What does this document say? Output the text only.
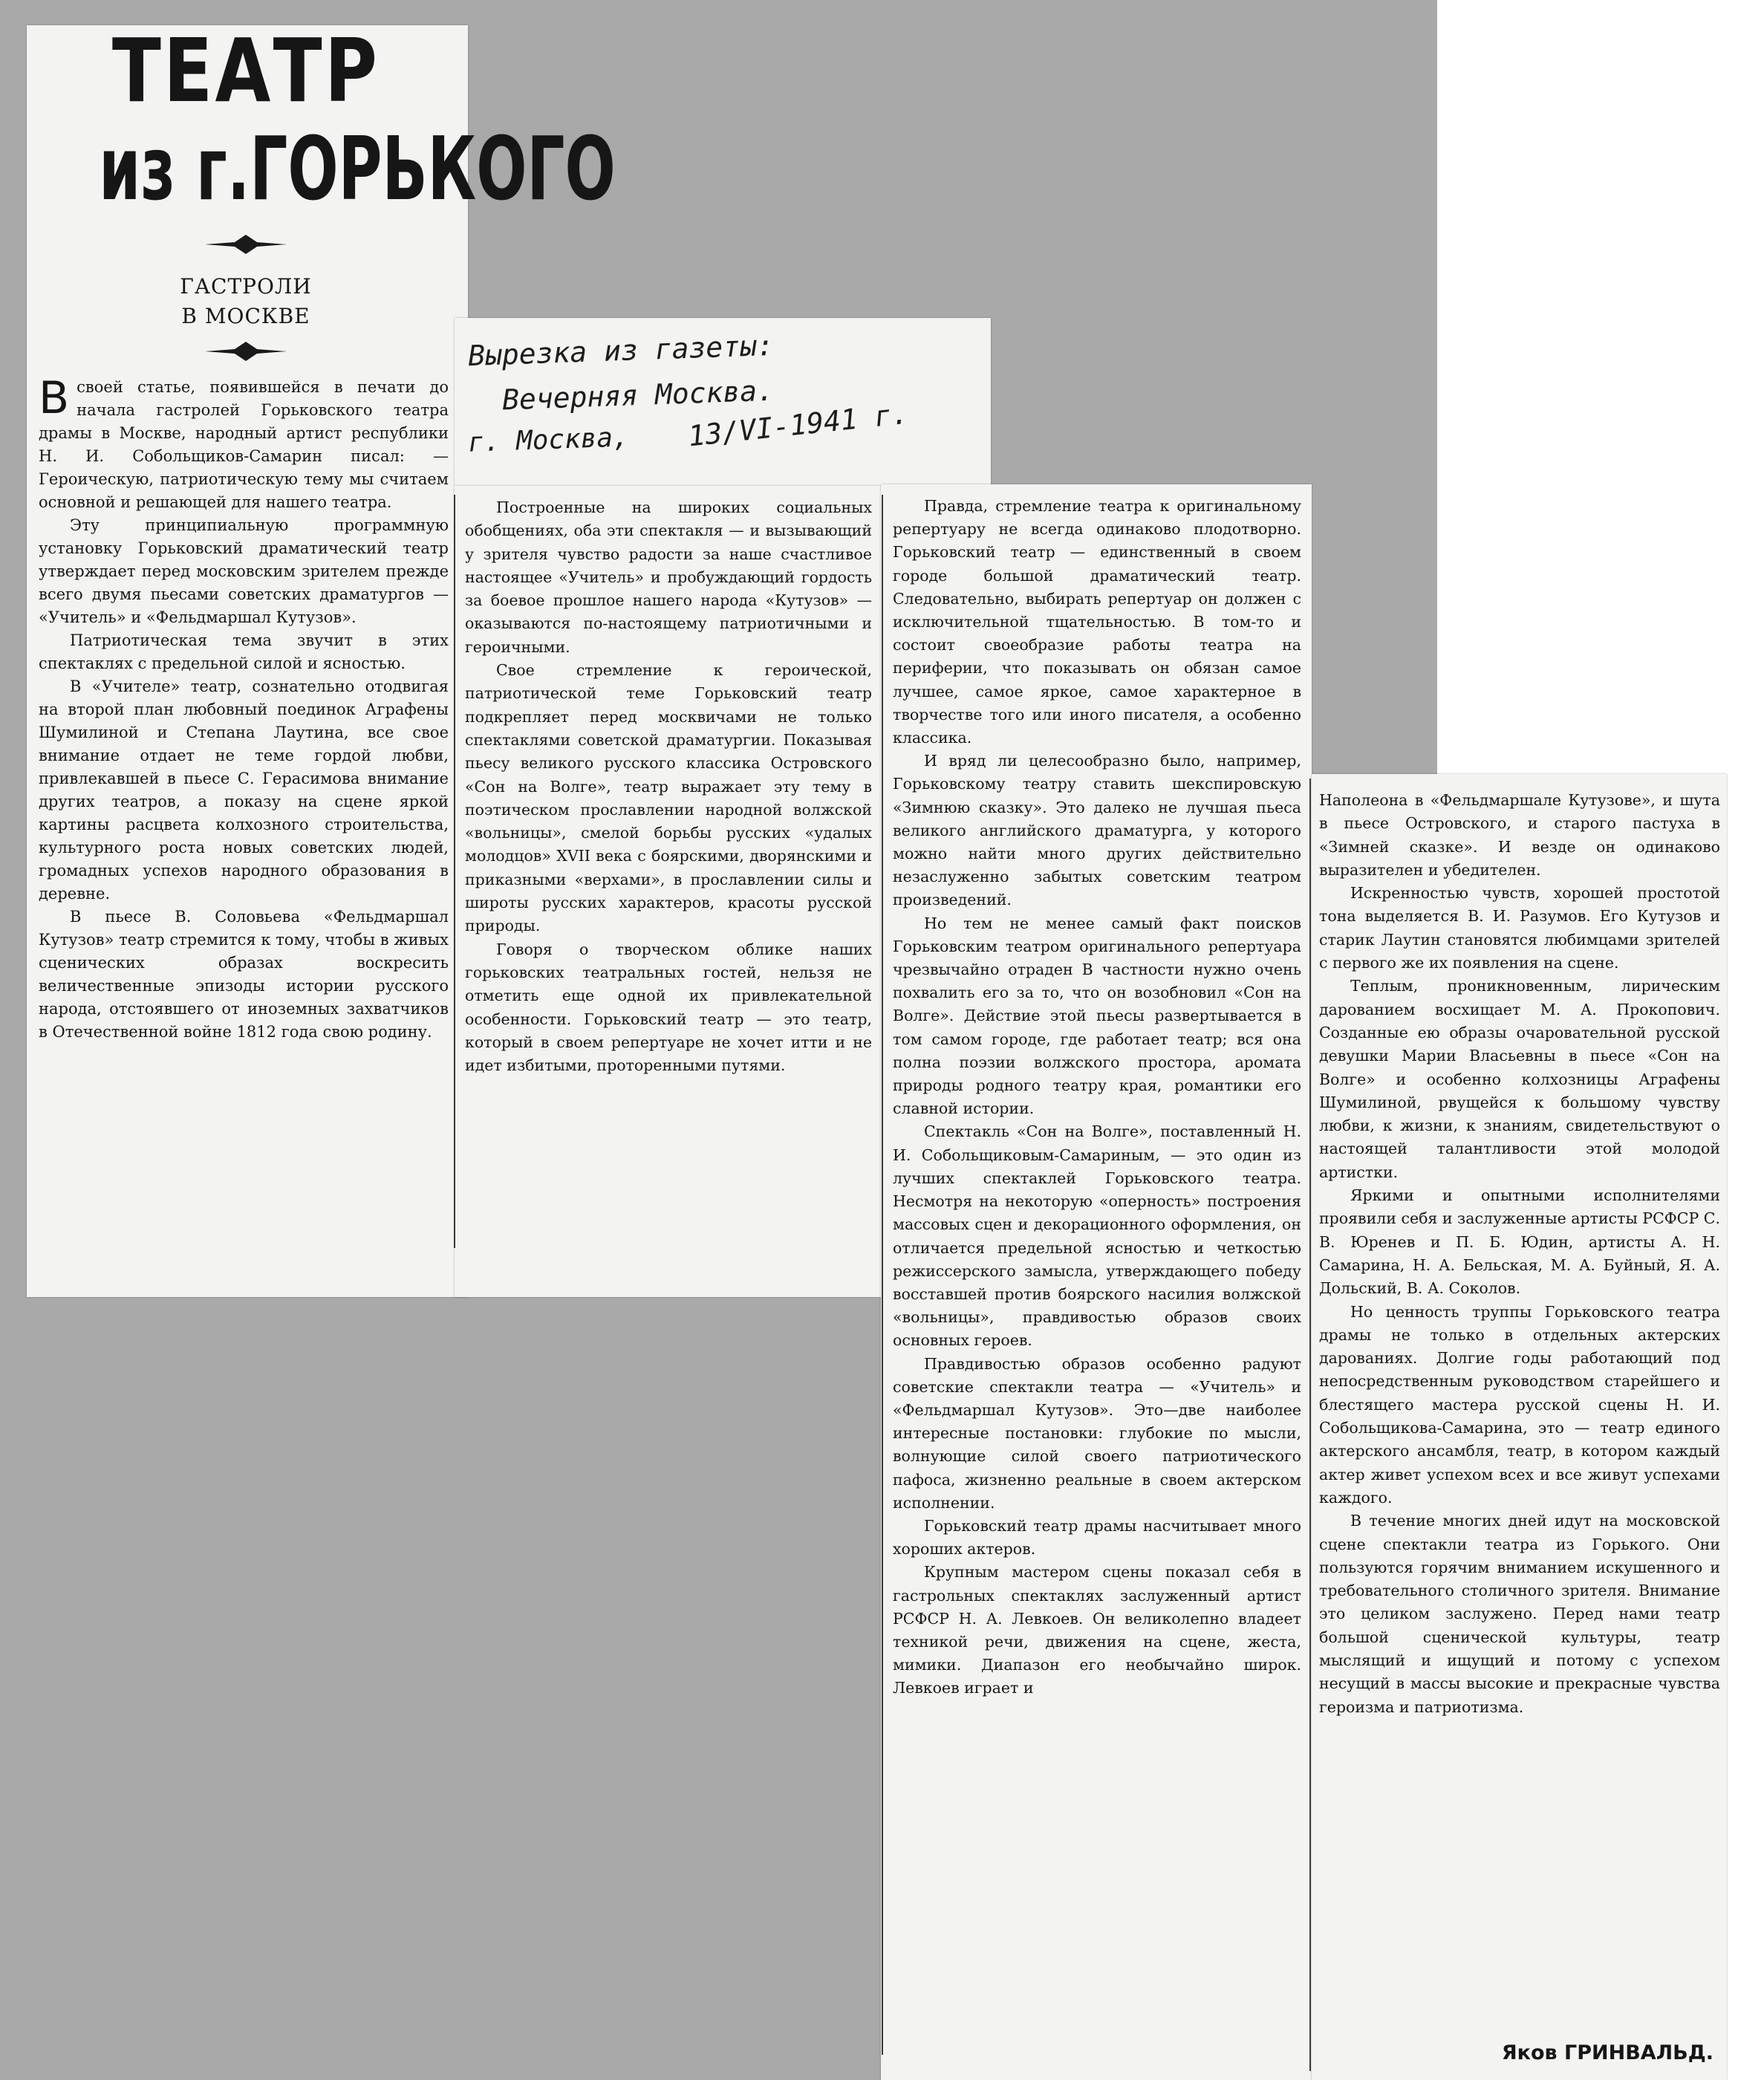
ТЕАТР
из г.ГОРЬКОГО
ГАСТРОЛИ
В МОСКВЕ
Вырезка из газеты:
Вечерняя Москва.
г. Москва, 13/VI-1941 г.

Всвоей статье, появившейся в печати до начала гастролей Горьковского театра драмы в Москве, народный артист республики Н. И. Собольщиков-Самарин писал: — Героическую, патриотическую тему мы считаем основной и решающей для нашего театра.

Эту принципиальную программную установку Горьковский драматический театр утверждает перед московским зрителем прежде всего двумя пьесами советских драматургов — «Учитель» и «Фельдмаршал Кутузов».

Патриотическая тема звучит в этих спектаклях с предельной силой и ясностью.

В «Учителе» театр, сознательно отодвигая на второй план любовный поединок Аграфены Шумилиной и Степана Лаутина, все свое внимание отдает не теме гордой любви, привлекавшей в пьесе С. Герасимова внимание других театров, а показу на сцене яркой картины расцвета колхозного строительства, культурного роста новых советских людей, громадных успехов народного образования в деревне.

В пьесе В. Соловьева «Фельдмаршал Кутузов» театр стремится к тому, чтобы в живых сценических образах воскресить величественные эпизоды истории русского народа, отстоявшего от иноземных захватчиков в Отечественной войне 1812 года свою родину.

Построенные на широких социальных обобщениях, оба эти спектакля — и вызывающий у зрителя чувство радости за наше счастливое настоящее «Учитель» и пробуждающий гордость за боевое прошлое нашего народа «Кутузов» — оказываются по-настоящему патриотичными и героичными.

Свое стремление к героической, патриотической теме Горьковский театр подкрепляет перед москвичами не только спектаклями советской драматургии. Показывая пьесу великого русского классика Островского «Сон на Волге», театр выражает эту тему в поэтическом прославлении народной волжской «вольницы», смелой борьбы русских «удалых молодцов» XVII века с боярскими, дворянскими и приказными «верхами», в прославлении силы и широты русских характеров, красоты русской природы.

Говоря о творческом облике наших горьковских театральных гостей, нельзя не отметить еще одной их привлекательной особенности. Горьковский театр — это театр, который в своем репертуаре не хочет итти и не идет избитыми, проторенными путями.

Правда, стремление театра к оригинальному репертуару не всегда одинаково плодотворно. Горьковский театр — единственный в своем городе большой драматический театр. Следовательно, выбирать репертуар он должен с исключительной тщательностью. В том-то и состоит своеобразие работы театра на периферии, что показывать он обязан самое лучшее, самое яркое, самое характерное в творчестве того или иного писателя, а особенно классика.

И вряд ли целесообразно было, например, Горьковскому театру ставить шекспировскую «Зимнюю сказку». Это далеко не лучшая пьеса великого английского драматурга, у которого можно найти много других действительно незаслуженно забытых советским театром произведений.

Но тем не менее самый факт поисков Горьковским театром оригинального репертуара чрезвычайно отраден В частности нужно очень похвалить его за то, что он возобновил «Сон на Волге». Действие этой пьесы развертывается в том самом городе, где работает театр; вся она полна поэзии волжского простора, аромата природы родного театру края, романтики его славной истории.

Спектакль «Сон на Волге», поставленный Н. И. Собольщиковым-Самариным, — это один из лучших спектаклей Горьковского театра. Несмотря на некоторую «оперность» построения массовых сцен и декорационного оформления, он отличается предельной ясностью и четкостью режиссерского замысла, утверждающего победу восставшей против боярского насилия волжской «вольницы», правдивостью образов своих основных героев.

Правдивостью образов особенно радуют советские спектакли театра — «Учитель» и «Фельдмаршал Кутузов». Это—две наиболее интересные постановки: глубокие по мысли, волнующие силой своего патриотического пафоса, жизненно реальные в своем актерском исполнении.

Горьковский театр драмы насчитывает много хороших актеров.

Крупным мастером сцены показал себя в гастрольных спектаклях заслуженный артист РСФСР Н. А. Левкоев. Он великолепно владеет техникой речи, движения на сцене, жеста, мимики. Диапазон его необычайно широк. Левкоев играет и

Наполеона в «Фельдмаршале Кутузове», и шута в пьесе Островского, и старого пастуха в «Зимней сказке». И везде он одинаково выразителен и убедителен.

Искренностью чувств, хорошей простотой тона выделяется В. И. Разумов. Его Кутузов и старик Лаутин становятся любимцами зрителей с первого же их появления на сцене.

Теплым, проникновенным, лирическим дарованием восхищает М. А. Прокопович. Созданные ею образы очаровательной русской девушки Марии Власьевны в пьесе «Сон на Волге» и особенно колхозницы Аграфены Шумилиной, рвущейся к большому чувству любви, к жизни, к знаниям, свидетельствуют о настоящей талантливости этой молодой артистки.

Яркими и опытными исполнителями проявили себя и заслуженные артисты РСФСР С. В. Юренев и П. Б. Юдин, артисты А. Н. Самарина, Н. А. Бельская, М. А. Буйный, Я. А. Дольский, В. А. Соколов.

Но ценность труппы Горьковского театра драмы не только в отдельных актерских дарованиях. Долгие годы работающий под непосредственным руководством старейшего и блестящего мастера русской сцены Н. И. Собольщикова-Самарина, это — театр единого актерского ансамбля, театр, в котором каждый актер живет успехом всех и все живут успехами каждого.

В течение многих дней идут на московской сцене спектакли театра из Горького. Они пользуются горячим вниманием искушенного и требовательного столичного зрителя. Внимание это целиком заслужено. Перед нами театр большой сценической культуры, театр мыслящий и ищущий и потому с успехом несущий в массы высокие и прекрасные чувства героизма и патриотизма.

Яков ГРИНВАЛЬД.
